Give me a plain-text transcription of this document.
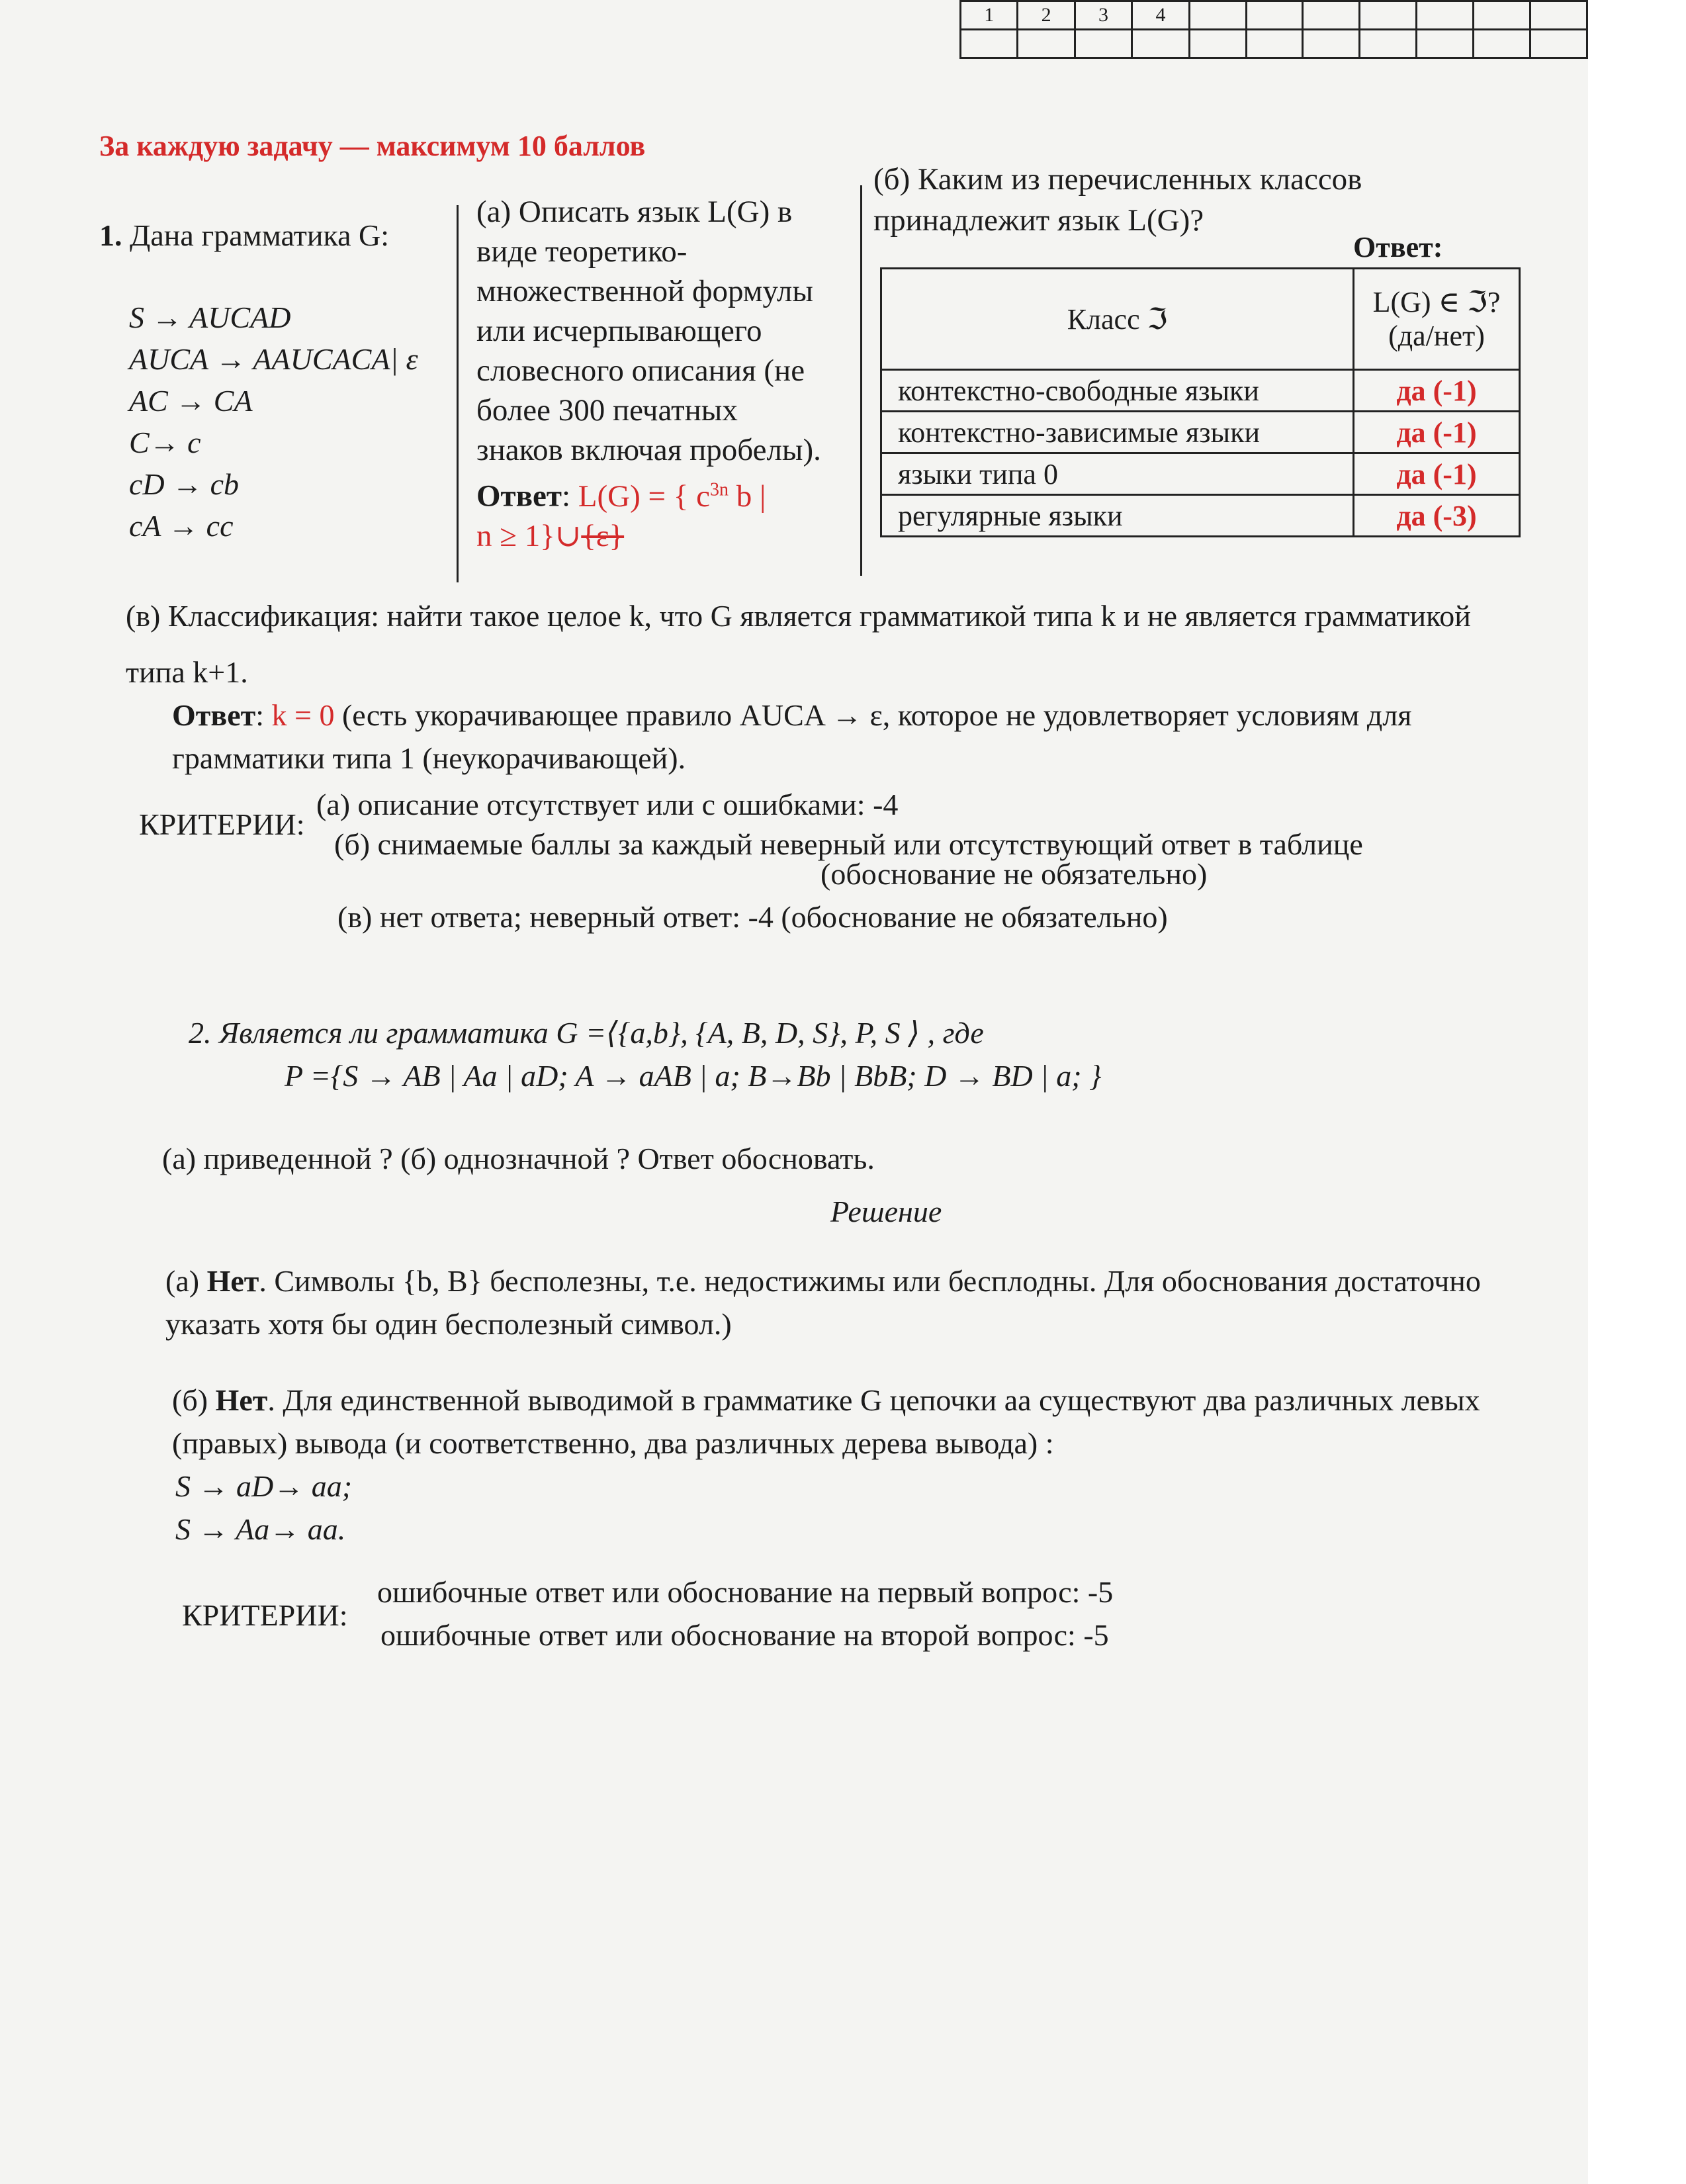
1	2	3	4							

За каждую задачу — максимум 10 баллов
1. Дана грамматика G:
S → AUCAD
AUCA → AAUCACA| ε
AC → CA
C→ c
cD → cb
cA → cc
(а) Описать язык L(G) в
виде теоретико-
множественной формулы
или исчерпывающего
словесного описания (не
более 300 печатных
знаков включая пробелы).
Ответ: L(G) = { $c^{3n}$ b |
n ≥ 1}∪{ε}
(б) Каким из перечисленных классов
принадлежит язык L(G)?
Ответ:
Класс ℑ	L(G) ∈ ℑ?
(да/нет)

контекстно-свободные языки	да (-1)
контекстно-зависимые языки	да (-1)
языки типа 0	да (-1)
регулярные языки	да (-3)
(в) Классификация: найти такое целое k, что G является грамматикой типа k и не является грамматикой
типа k+1.
Ответ: k = 0 (есть укорачивающее правило AUCA → ε, которое не удовлетворяет условиям для
грамматики типа 1 (неукорачивающей).
КРИТЕРИИ:
(а) описание отсутствует или с ошибками: -4
(б) снимаемые баллы за каждый неверный или отсутствующий ответ в таблице
(обоснование не обязательно)
(в) нет ответа; неверный ответ: -4 (обоснование не обязательно)
2. Является ли грамматика G =⟨{a,b}, {A, B, D, S}, P, S ⟩ , где
P ={S → AB | Aa | aD; A → aAB | a; B→Bb | BbB; D → BD | a; }
(а) приведенной ? (б) однозначной ? Ответ обосновать.
Решение
(а) Нет. Символы {b, B} бесполезны, т.е. недостижимы или бесплодны. Для обоснования достаточно
указать хотя бы один бесполезный символ.)
(б) Нет. Для единственной выводимой в грамматике G цепочки aa существуют два различных левых
(правых) вывода (и соответственно, два различных дерева вывода) :
S → aD→ aa;
S → Aa→ aa.
КРИТЕРИИ:
ошибочные ответ или обоснование на первый вопрос: -5
ошибочные ответ или обоснование на второй вопрос: -5
